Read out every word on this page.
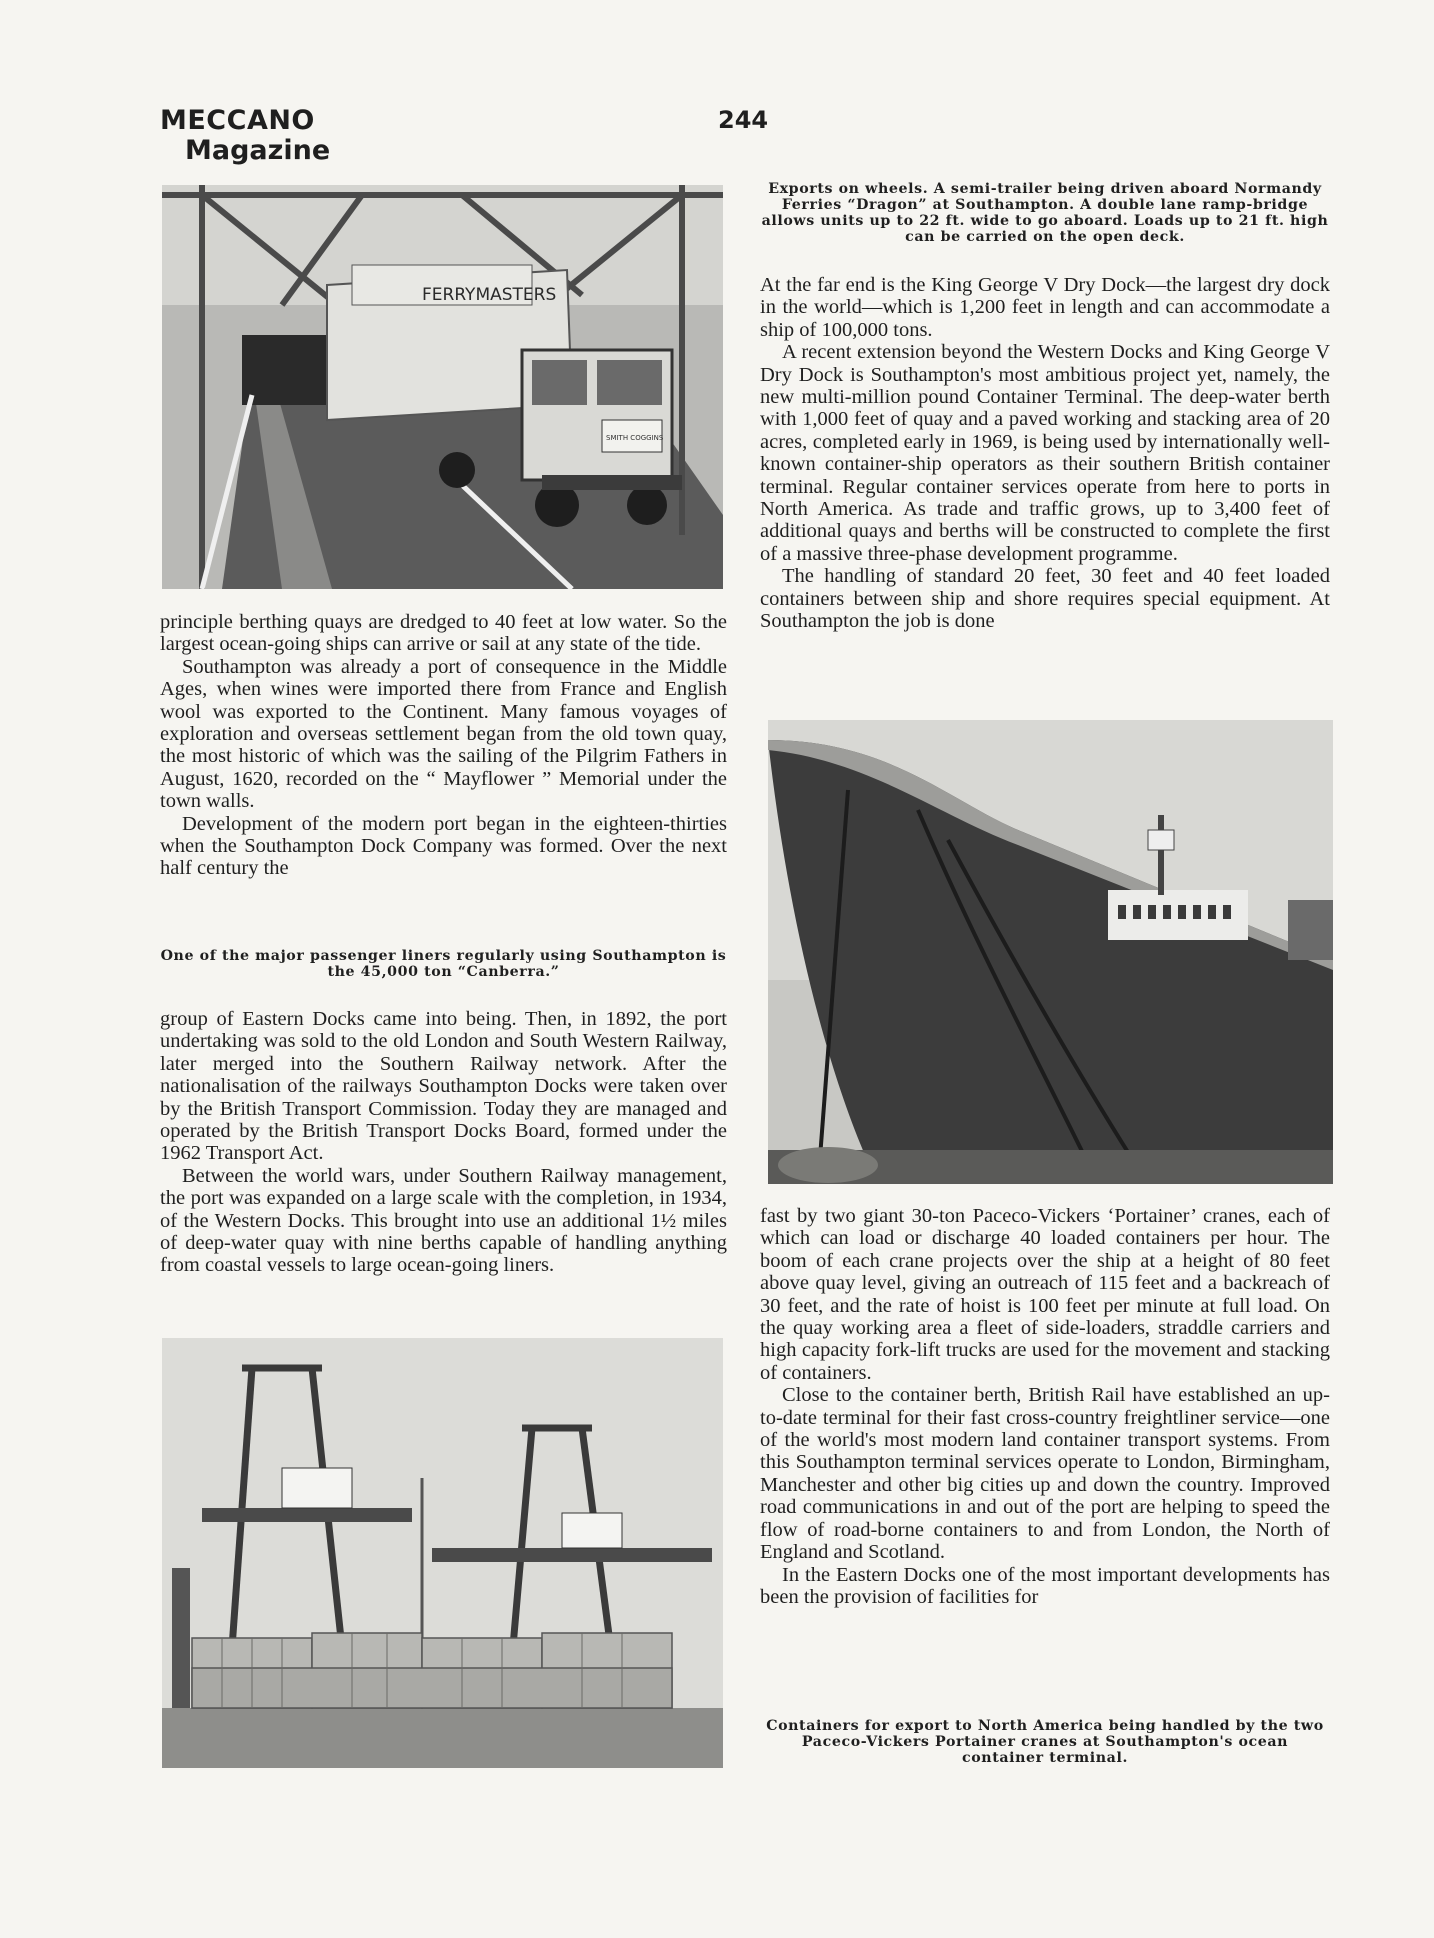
MECCANO
Magazine
244
FERRYMASTERS
SMITH COGGINS
Exports on wheels. A semi-trailer being driven aboard Normandy Ferries “Dragon” at Southampton. A double lane ramp-bridge allows units up to 22 ft. wide to go aboard. Loads up to 21 ft. high can be carried on the open deck.

At the far end is the King George V Dry Dock—the largest dry dock in the world—which is 1,200 feet in length and can accommodate a ship of 100,000 tons.

A recent extension beyond the Western Docks and King George V Dry Dock is Southampton's most ambitious project yet, namely, the new multi-million pound Container Terminal. The deep-water berth with 1,000 feet of quay and a paved working and stacking area of 20 acres, completed early in 1969, is being used by internationally well-known container-ship operators as their southern British container terminal. Regular container services operate from here to ports in North America. As trade and traffic grows, up to 3,400 feet of additional quays and berths will be constructed to complete the first of a massive three-phase development programme.

The handling of standard 20 feet, 30 feet and 40 feet loaded containers between ship and shore requires special equipment. At Southampton the job is done

principle berthing quays are dredged to 40 feet at low water. So the largest ocean-going ships can arrive or sail at any state of the tide.

Southampton was already a port of consequence in the Middle Ages, when wines were imported there from France and English wool was exported to the Continent. Many famous voyages of exploration and overseas settlement began from the old town quay, the most historic of which was the sailing of the Pilgrim Fathers in August, 1620, recorded on the “ Mayflower ” Memorial under the town walls.

Development of the modern port began in the eighteen-thirties when the Southampton Dock Company was formed. Over the next half century the

One of the major passenger liners regularly using Southampton is the 45,000 ton “Canberra.”

group of Eastern Docks came into being. Then, in 1892, the port undertaking was sold to the old London and South Western Railway, later merged into the Southern Railway network. After the nationalisation of the railways Southampton Docks were taken over by the British Transport Commission. Today they are managed and operated by the British Transport Docks Board, formed under the 1962 Transport Act.

Between the world wars, under Southern Railway management, the port was expanded on a large scale with the completion, in 1934, of the Western Docks. This brought into use an additional 1½ miles of deep-water quay with nine berths capable of handling anything from coastal vessels to large ocean-going liners.

fast by two giant 30-ton Paceco-Vickers ‘Portainer’ cranes, each of which can load or discharge 40 loaded containers per hour. The boom of each crane projects over the ship at a height of 80 feet above quay level, giving an outreach of 115 feet and a backreach of 30 feet, and the rate of hoist is 100 feet per minute at full load. On the quay working area a fleet of side-loaders, straddle carriers and high capacity fork-lift trucks are used for the movement and stacking of containers.

Close to the container berth, British Rail have established an up-to-date terminal for their fast cross-country freightliner service—one of the world's most modern land container transport systems. From this Southampton terminal services operate to London, Birmingham, Manchester and other big cities up and down the country. Improved road communications in and out of the port are helping to speed the flow of road-borne containers to and from London, the North of England and Scotland.

In the Eastern Docks one of the most important developments has been the provision of facilities for

Containers for export to North America being handled by the two Paceco-Vickers Portainer cranes at Southampton's ocean container terminal.
